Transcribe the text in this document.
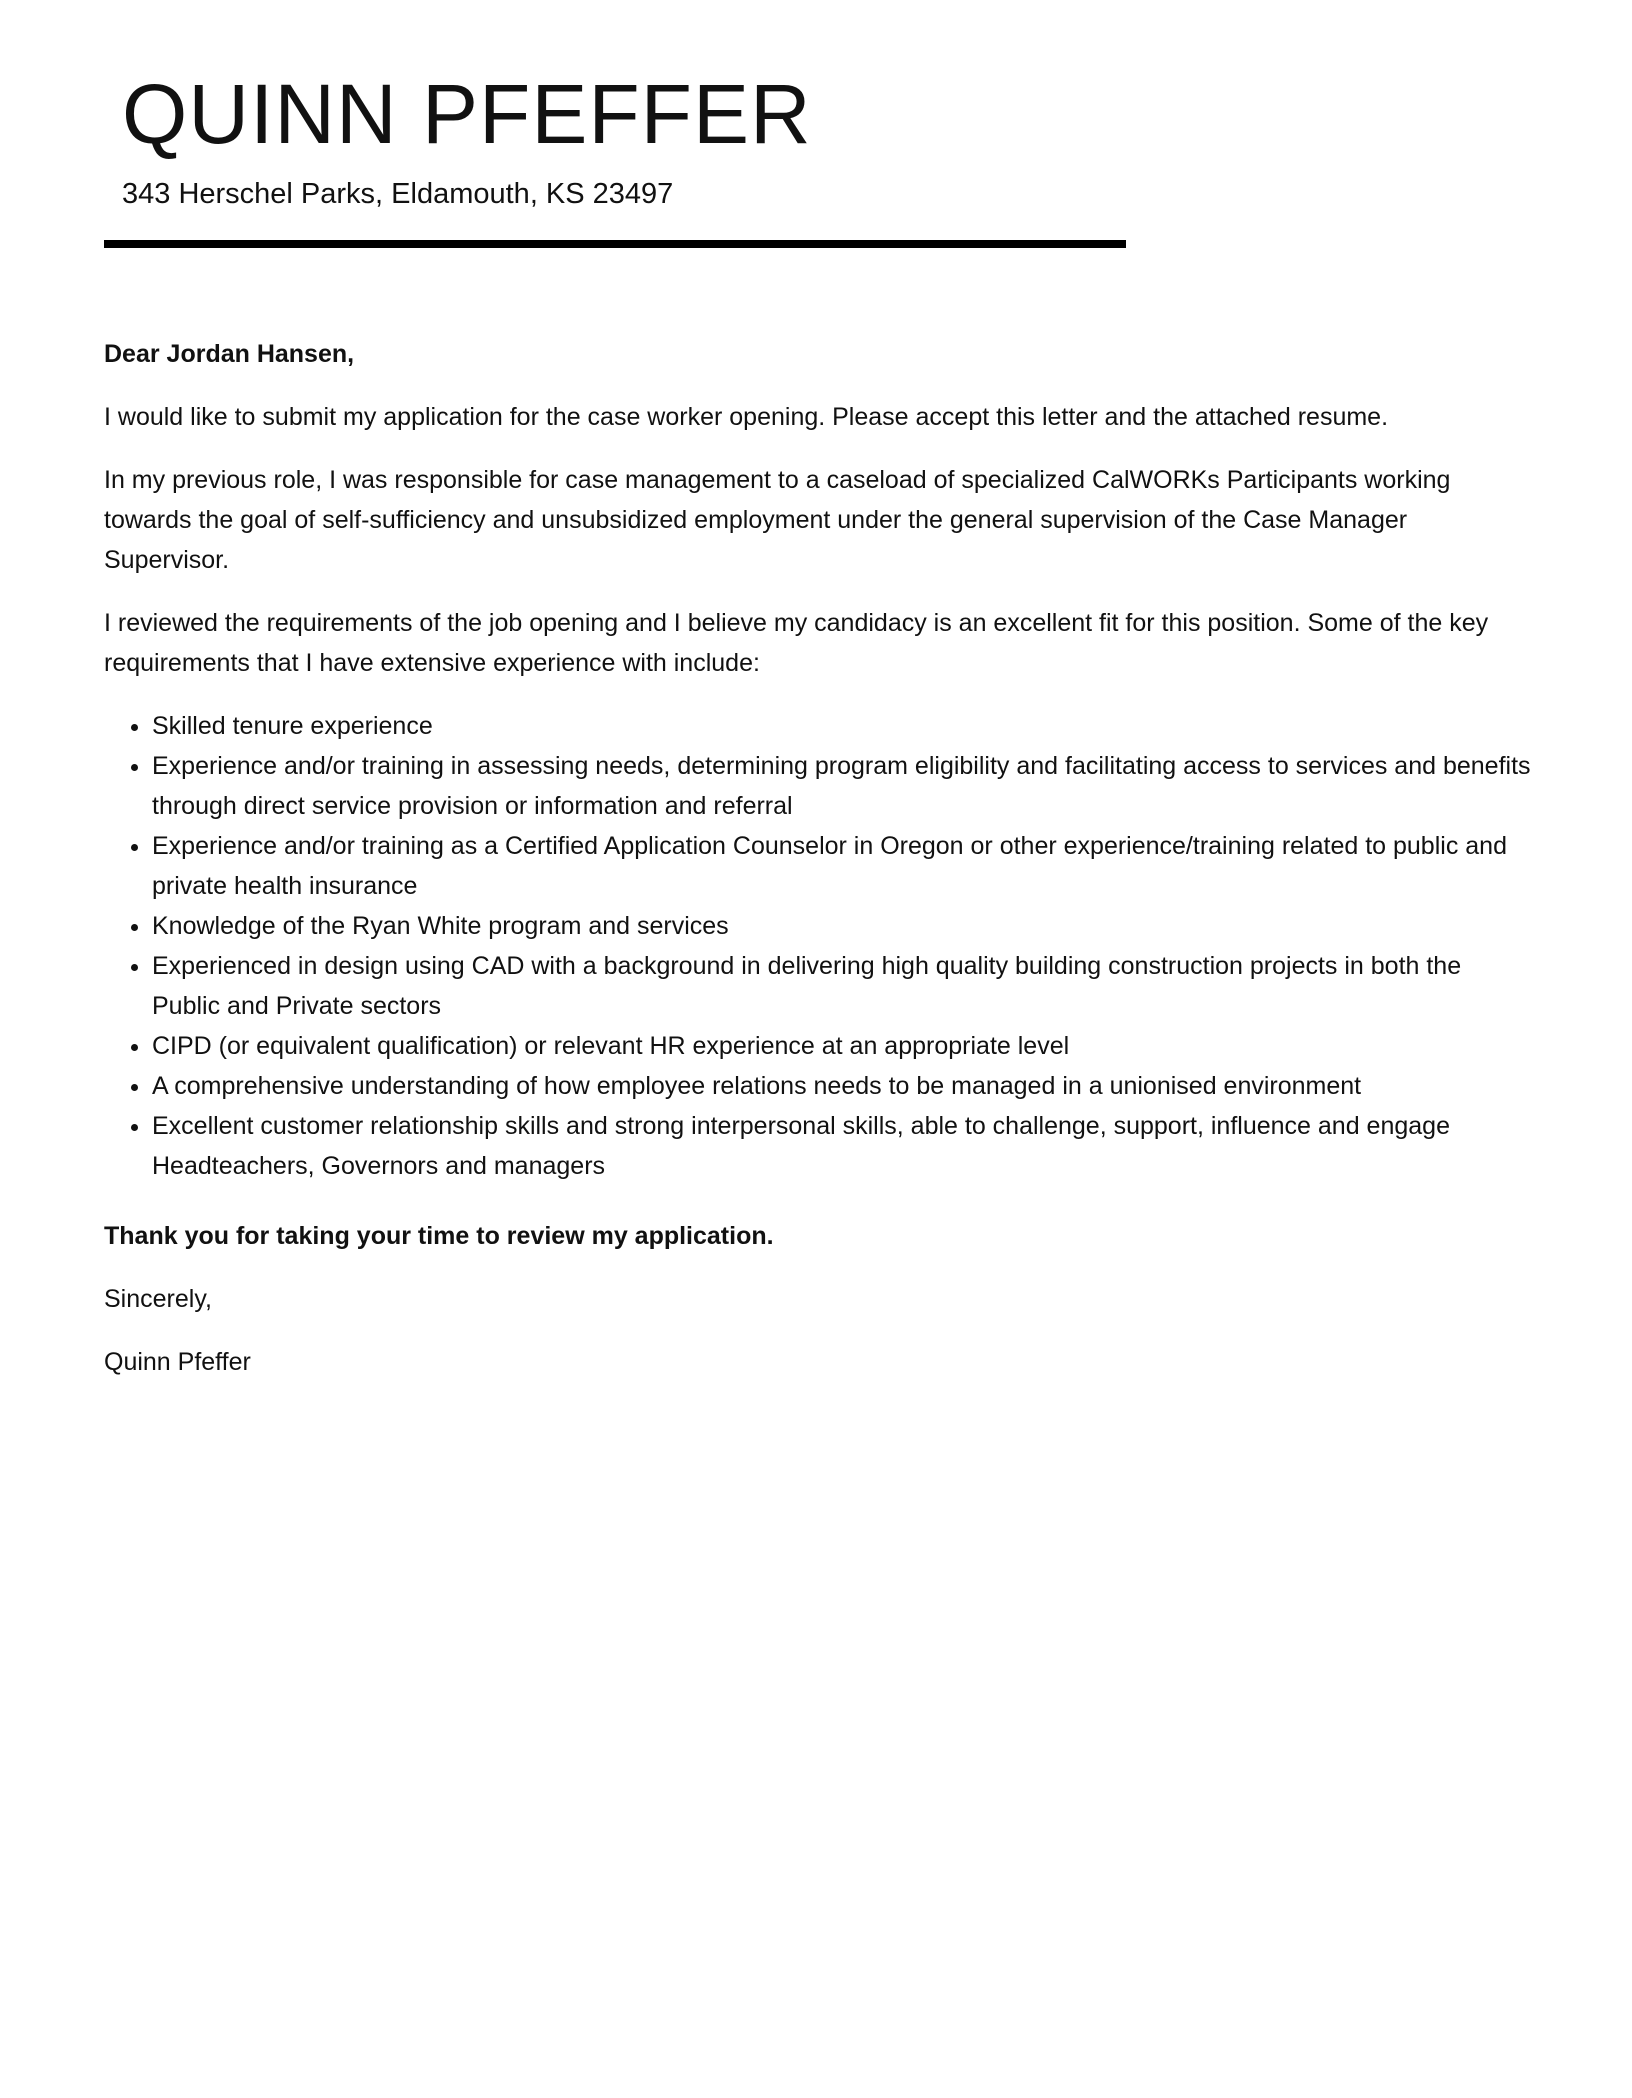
QUINN PFEFFER
343 Herschel Parks, Eldamouth, KS 23497

Dear Jordan Hansen,

I would like to submit my application for the case worker opening. Please accept this letter and the attached resume.

In my previous role, I was responsible for case management to a caseload of specialized CalWORKs Participants working towards the goal of self-sufficiency and unsubsidized employment under the general supervision of the Case Manager Supervisor.

I reviewed the requirements of the job opening and I believe my candidacy is an excellent fit for this position. Some of the key requirements that I have extensive experience with include:

• Skilled tenure experience
• Experience and/or training in assessing needs, determining program eligibility and facilitating access to services and benefits through direct service provision or information and referral
• Experience and/or training as a Certified Application Counselor in Oregon or other experience/training related to public and private health insurance
• Knowledge of the Ryan White program and services
• Experienced in design using CAD with a background in delivering high quality building construction projects in both the Public and Private sectors
• CIPD (or equivalent qualification) or relevant HR experience at an appropriate level
• A comprehensive understanding of how employee relations needs to be managed in a unionised environment
• Excellent customer relationship skills and strong interpersonal skills, able to challenge, support, influence and engage Headteachers, Governors and managers

Thank you for taking your time to review my application.

Sincerely,

Quinn Pfeffer
